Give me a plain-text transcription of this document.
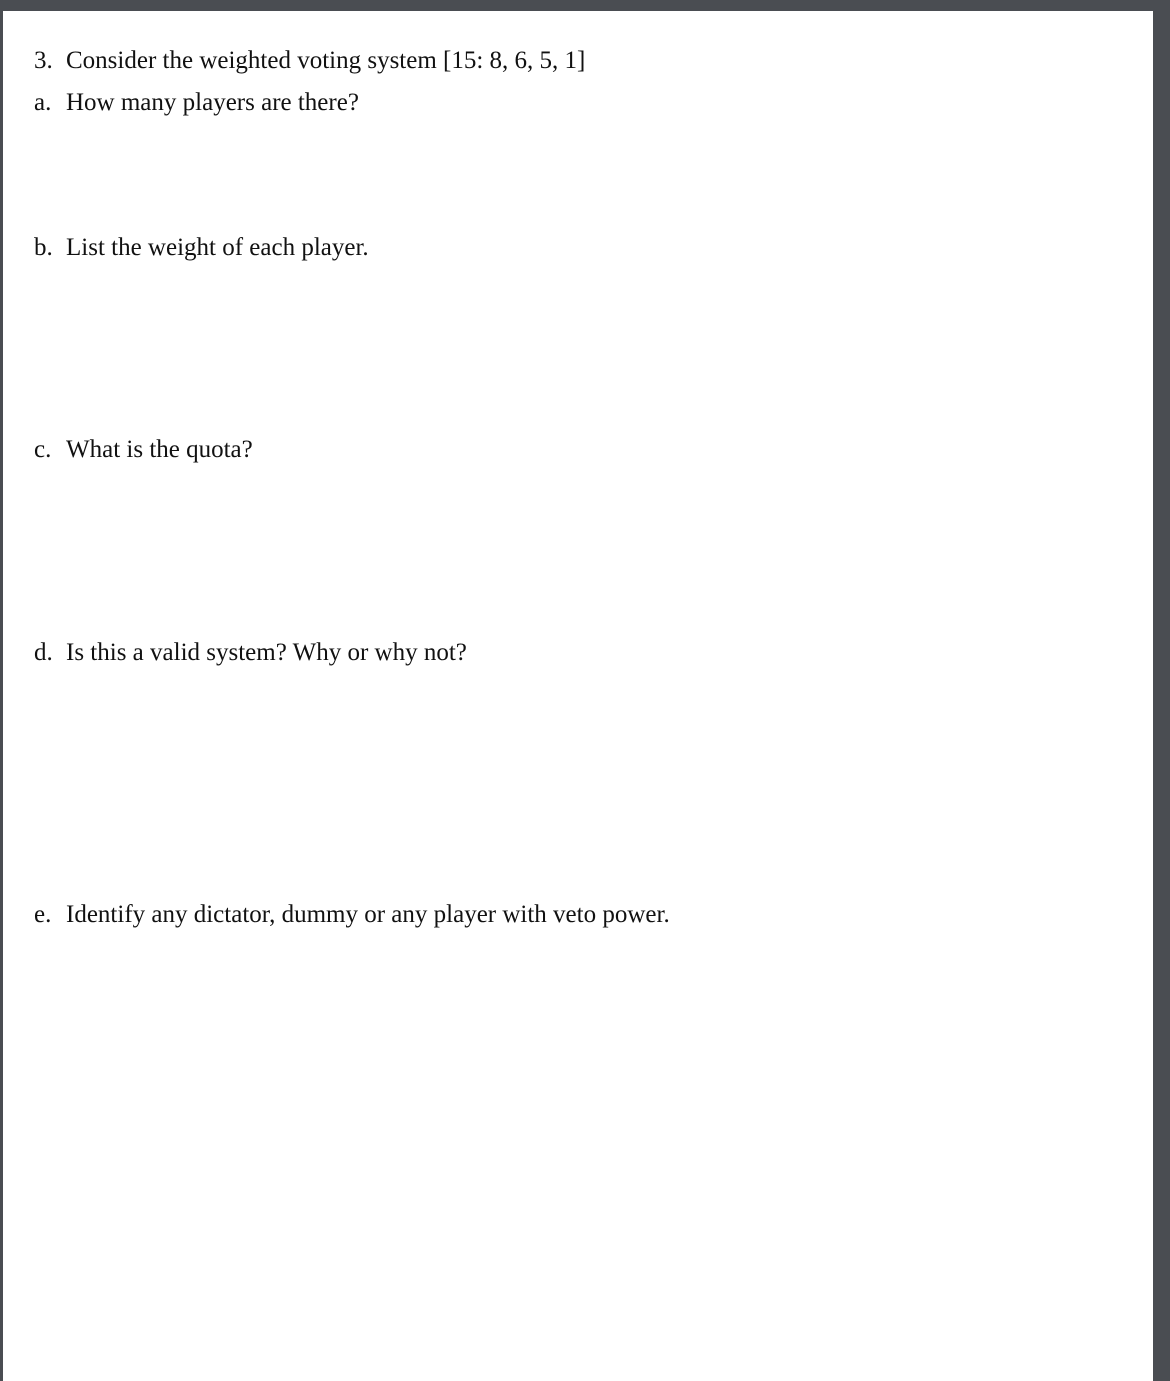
3. Consider the weighted voting system [15: 8, 6, 5, 1]

a. How many players are there?

b. List the weight of each player.

c. What is the quota?

d. Is this a valid system? Why or why not?

e. Identify any dictator, dummy or any player with veto power.
